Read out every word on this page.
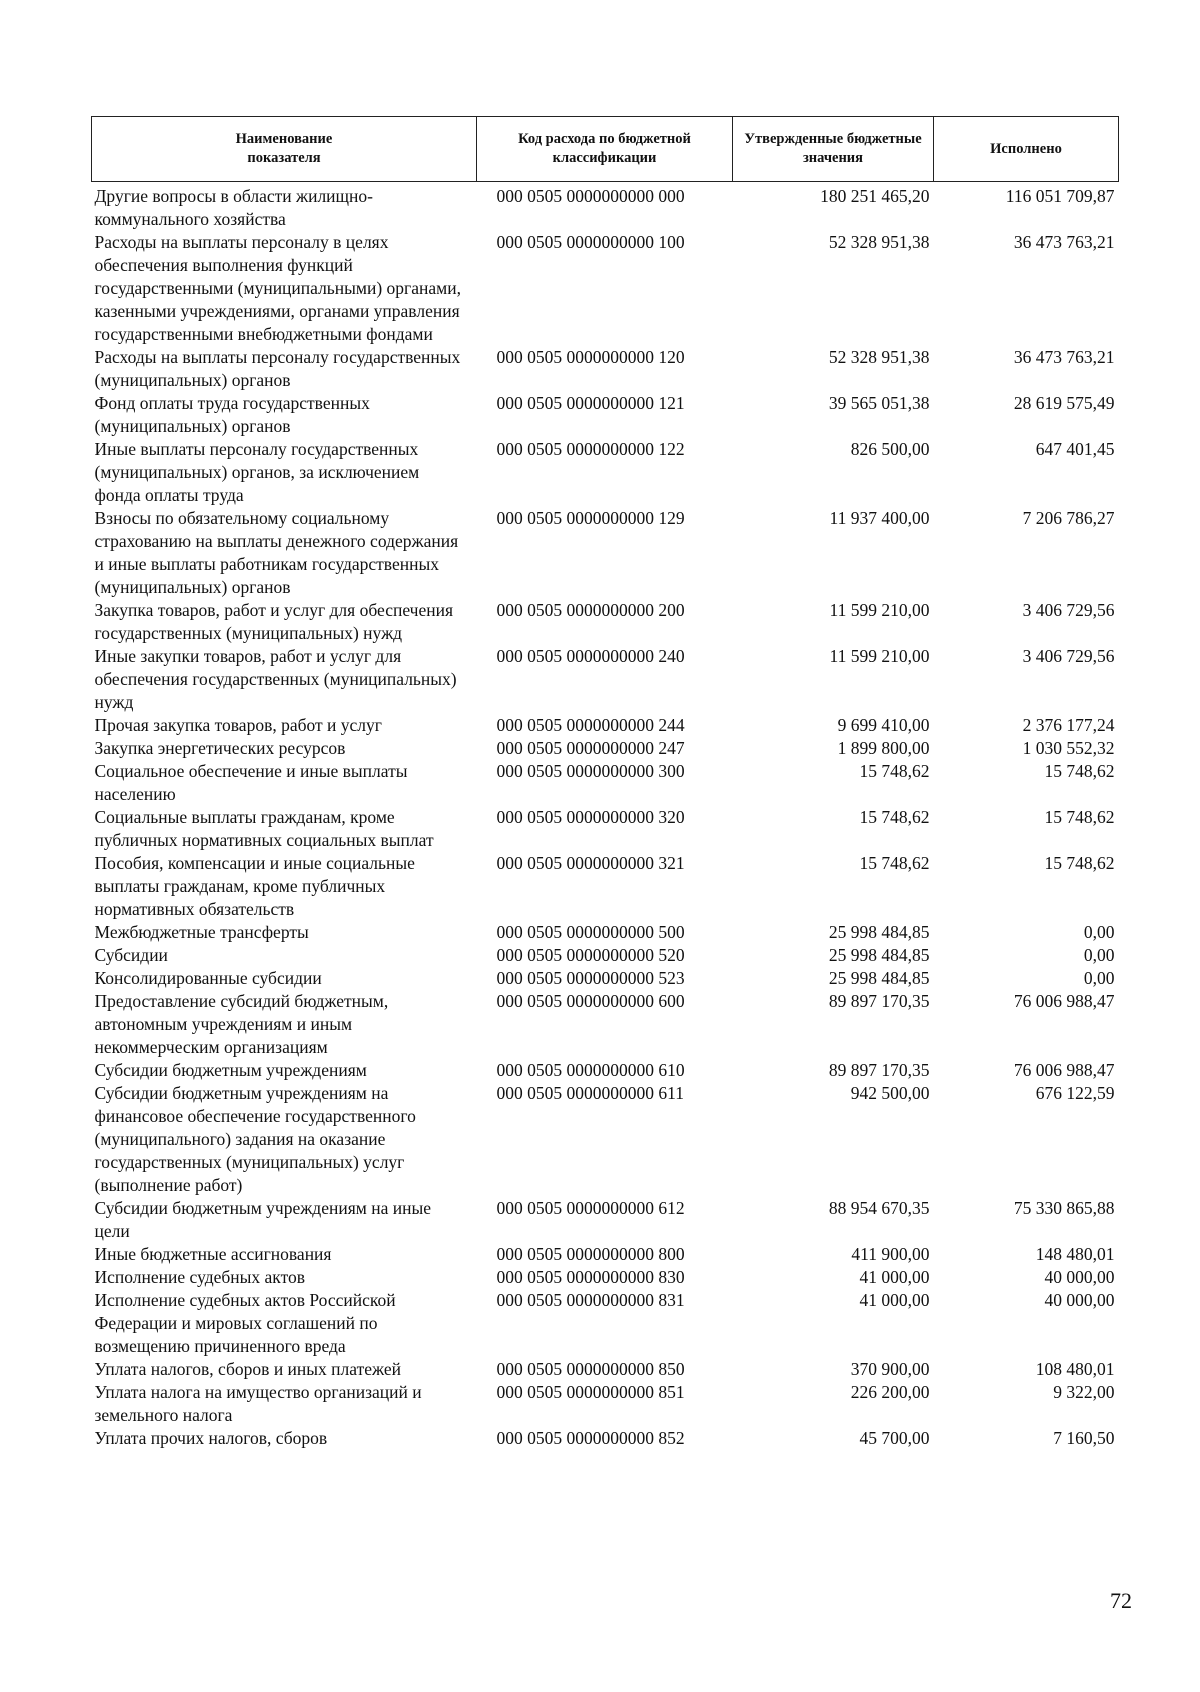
Наименование
показателя	Код расхода по бюджетной классификации	Утвержденные бюджетные значения	Исполнено
Другие вопросы в области жилищно-коммунального хозяйства	000 0505 0000000000 000	180 251 465,20	116 051 709,87
Расходы на выплаты персоналу в целях обеспечения выполнения функций государственными (муниципальными) органами, казенными учреждениями, органами управления государственными внебюджетными фондами	000 0505 0000000000 100	52 328 951,38	36 473 763,21
Расходы на выплаты персоналу государственных (муниципальных) органов	000 0505 0000000000 120	52 328 951,38	36 473 763,21
Фонд оплаты труда государственных (муниципальных) органов	000 0505 0000000000 121	39 565 051,38	28 619 575,49
Иные выплаты персоналу государственных (муниципальных) органов, за исключением фонда оплаты труда	000 0505 0000000000 122	826 500,00	647 401,45
Взносы по обязательному социальному страхованию на выплаты денежного содержания и иные выплаты работникам государственных (муниципальных) органов	000 0505 0000000000 129	11 937 400,00	7 206 786,27
Закупка товаров, работ и услуг для обеспечения государственных (муниципальных) нужд	000 0505 0000000000 200	11 599 210,00	3 406 729,56
Иные закупки товаров, работ и услуг для обеспечения государственных (муниципальных) нужд	000 0505 0000000000 240	11 599 210,00	3 406 729,56
Прочая закупка товаров, работ и услуг	000 0505 0000000000 244	9 699 410,00	2 376 177,24
Закупка энергетических ресурсов	000 0505 0000000000 247	1 899 800,00	1 030 552,32
Социальное обеспечение и иные выплаты населению	000 0505 0000000000 300	15 748,62	15 748,62
Социальные выплаты гражданам, кроме публичных нормативных социальных выплат	000 0505 0000000000 320	15 748,62	15 748,62
Пособия, компенсации и иные социальные выплаты гражданам, кроме публичных нормативных обязательств	000 0505 0000000000 321	15 748,62	15 748,62
Межбюджетные трансферты	000 0505 0000000000 500	25 998 484,85	0,00
Субсидии	000 0505 0000000000 520	25 998 484,85	0,00
Консолидированные субсидии	000 0505 0000000000 523	25 998 484,85	0,00
Предоставление субсидий бюджетным, автономным учреждениям и иным некоммерческим организациям	000 0505 0000000000 600	89 897 170,35	76 006 988,47
Субсидии бюджетным учреждениям	000 0505 0000000000 610	89 897 170,35	76 006 988,47
Субсидии бюджетным учреждениям на финансовое обеспечение государственного (муниципального) задания на оказание государственных (муниципальных) услуг (выполнение работ)	000 0505 0000000000 611	942 500,00	676 122,59
Субсидии бюджетным учреждениям на иные цели	000 0505 0000000000 612	88 954 670,35	75 330 865,88
Иные бюджетные ассигнования	000 0505 0000000000 800	411 900,00	148 480,01
Исполнение судебных актов	000 0505 0000000000 830	41 000,00	40 000,00
Исполнение судебных актов Российской Федерации и мировых соглашений по возмещению причиненного вреда	000 0505 0000000000 831	41 000,00	40 000,00
Уплата налогов, сборов и иных платежей	000 0505 0000000000 850	370 900,00	108 480,01
Уплата налога на имущество организаций и земельного налога	000 0505 0000000000 851	226 200,00	9 322,00
Уплата прочих налогов, сборов	000 0505 0000000000 852	45 700,00	7 160,50
72
